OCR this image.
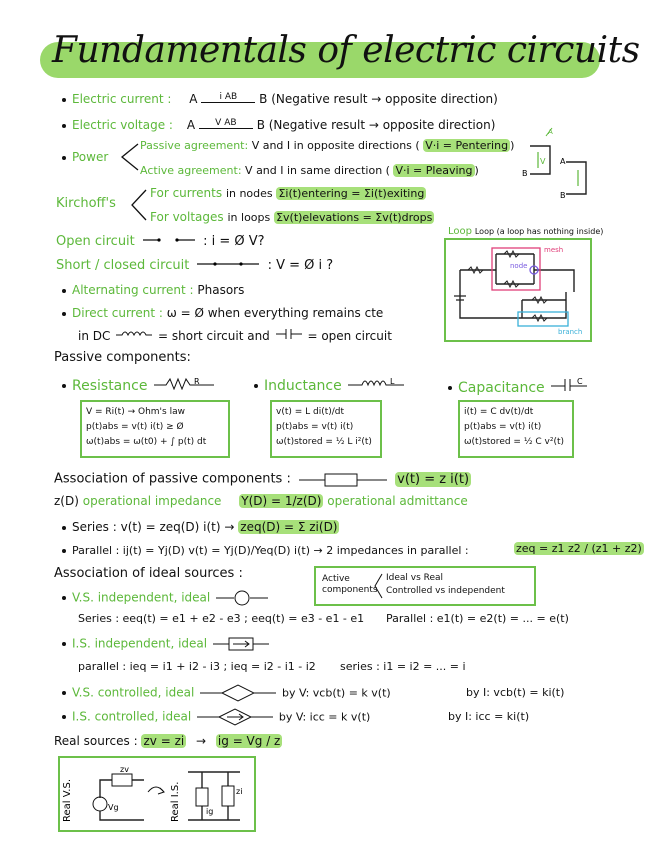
Fundamentals of electric circuits
Electric current : A i AB B (Negative result → opposite direction)
Electric voltage : A V AB B (Negative result → opposite direction)
Power
Passive agreement: V and I in opposite directions ( V·i = Pentering )
Active agreement: V and I in same direction ( V·i = Pleaving )	B
V
A
A
B
Kirchoff's
For currents in nodes Σi(t)entering = Σi(t)exiting
For voltages in loops Σv(t)elevations = Σv(t)drops
Open circuit	: i = Ø V?
Short / closed circuit	: V = Ø i ?
Loop Loop (a loop has nothing inside)
node
mesh
branch
Alternating current : Phasors
Direct current : ω = Ø when everything remains cte
in DC	= short circuit and	= open circuit
Passive components:
Resistance	R	Inductance	L	Capacitance	C
V = Ri(t) → Ohm's law
p(t)abs = v(t) i(t) ≥ Ø
ω(t)abs = ω(t0) + ∫ p(t) dt
v(t) = L di(t)/dt
p(t)abs = v(t) i(t)
ω(t)stored = ½ L i²(t)
i(t) = C dv(t)/dt
p(t)abs = v(t) i(t)
ω(t)stored = ½ C v²(t)
Association of passive components :	v(t) = z i(t)
z(D) operational impedance Y(D) = 1/z(D) operational admittance
Series : v(t) = zeq(D) i(t) → zeq(D) = Σ zi(D)
Parallel : ij(t) = Yj(D) v(t) = Yj(D)/Yeq(D) i(t) → 2 impedances in parallel :	zeq = z1 z2 / (z1 + z2)
Association of ideal sources :	Active
components
Ideal vs Real
Controlled vs independent
V.S. independent, ideal
Series : eeq(t) = e1 + e2 - e3 ; eeq(t) = e3 - e1 - e1 Parallel : e1(t) = e2(t) = ... = e(t)
I.S. independent, ideal
parallel : ieq = i1 + i2 - i3 ; ieq = i2 - i1 - i2 series : i1 = i2 = ... = i
V.S. controlled, ideal	by V: vcb(t) = k v(t)	by I: vcb(t) = ki(t)
I.S. controlled, ideal	by V: icc = k v(t)	by I: icc = ki(t)
Real sources : zv = zi → ig = Vg / z
Real V.S.
zv
Vg	Real I.S.	ig
zi
